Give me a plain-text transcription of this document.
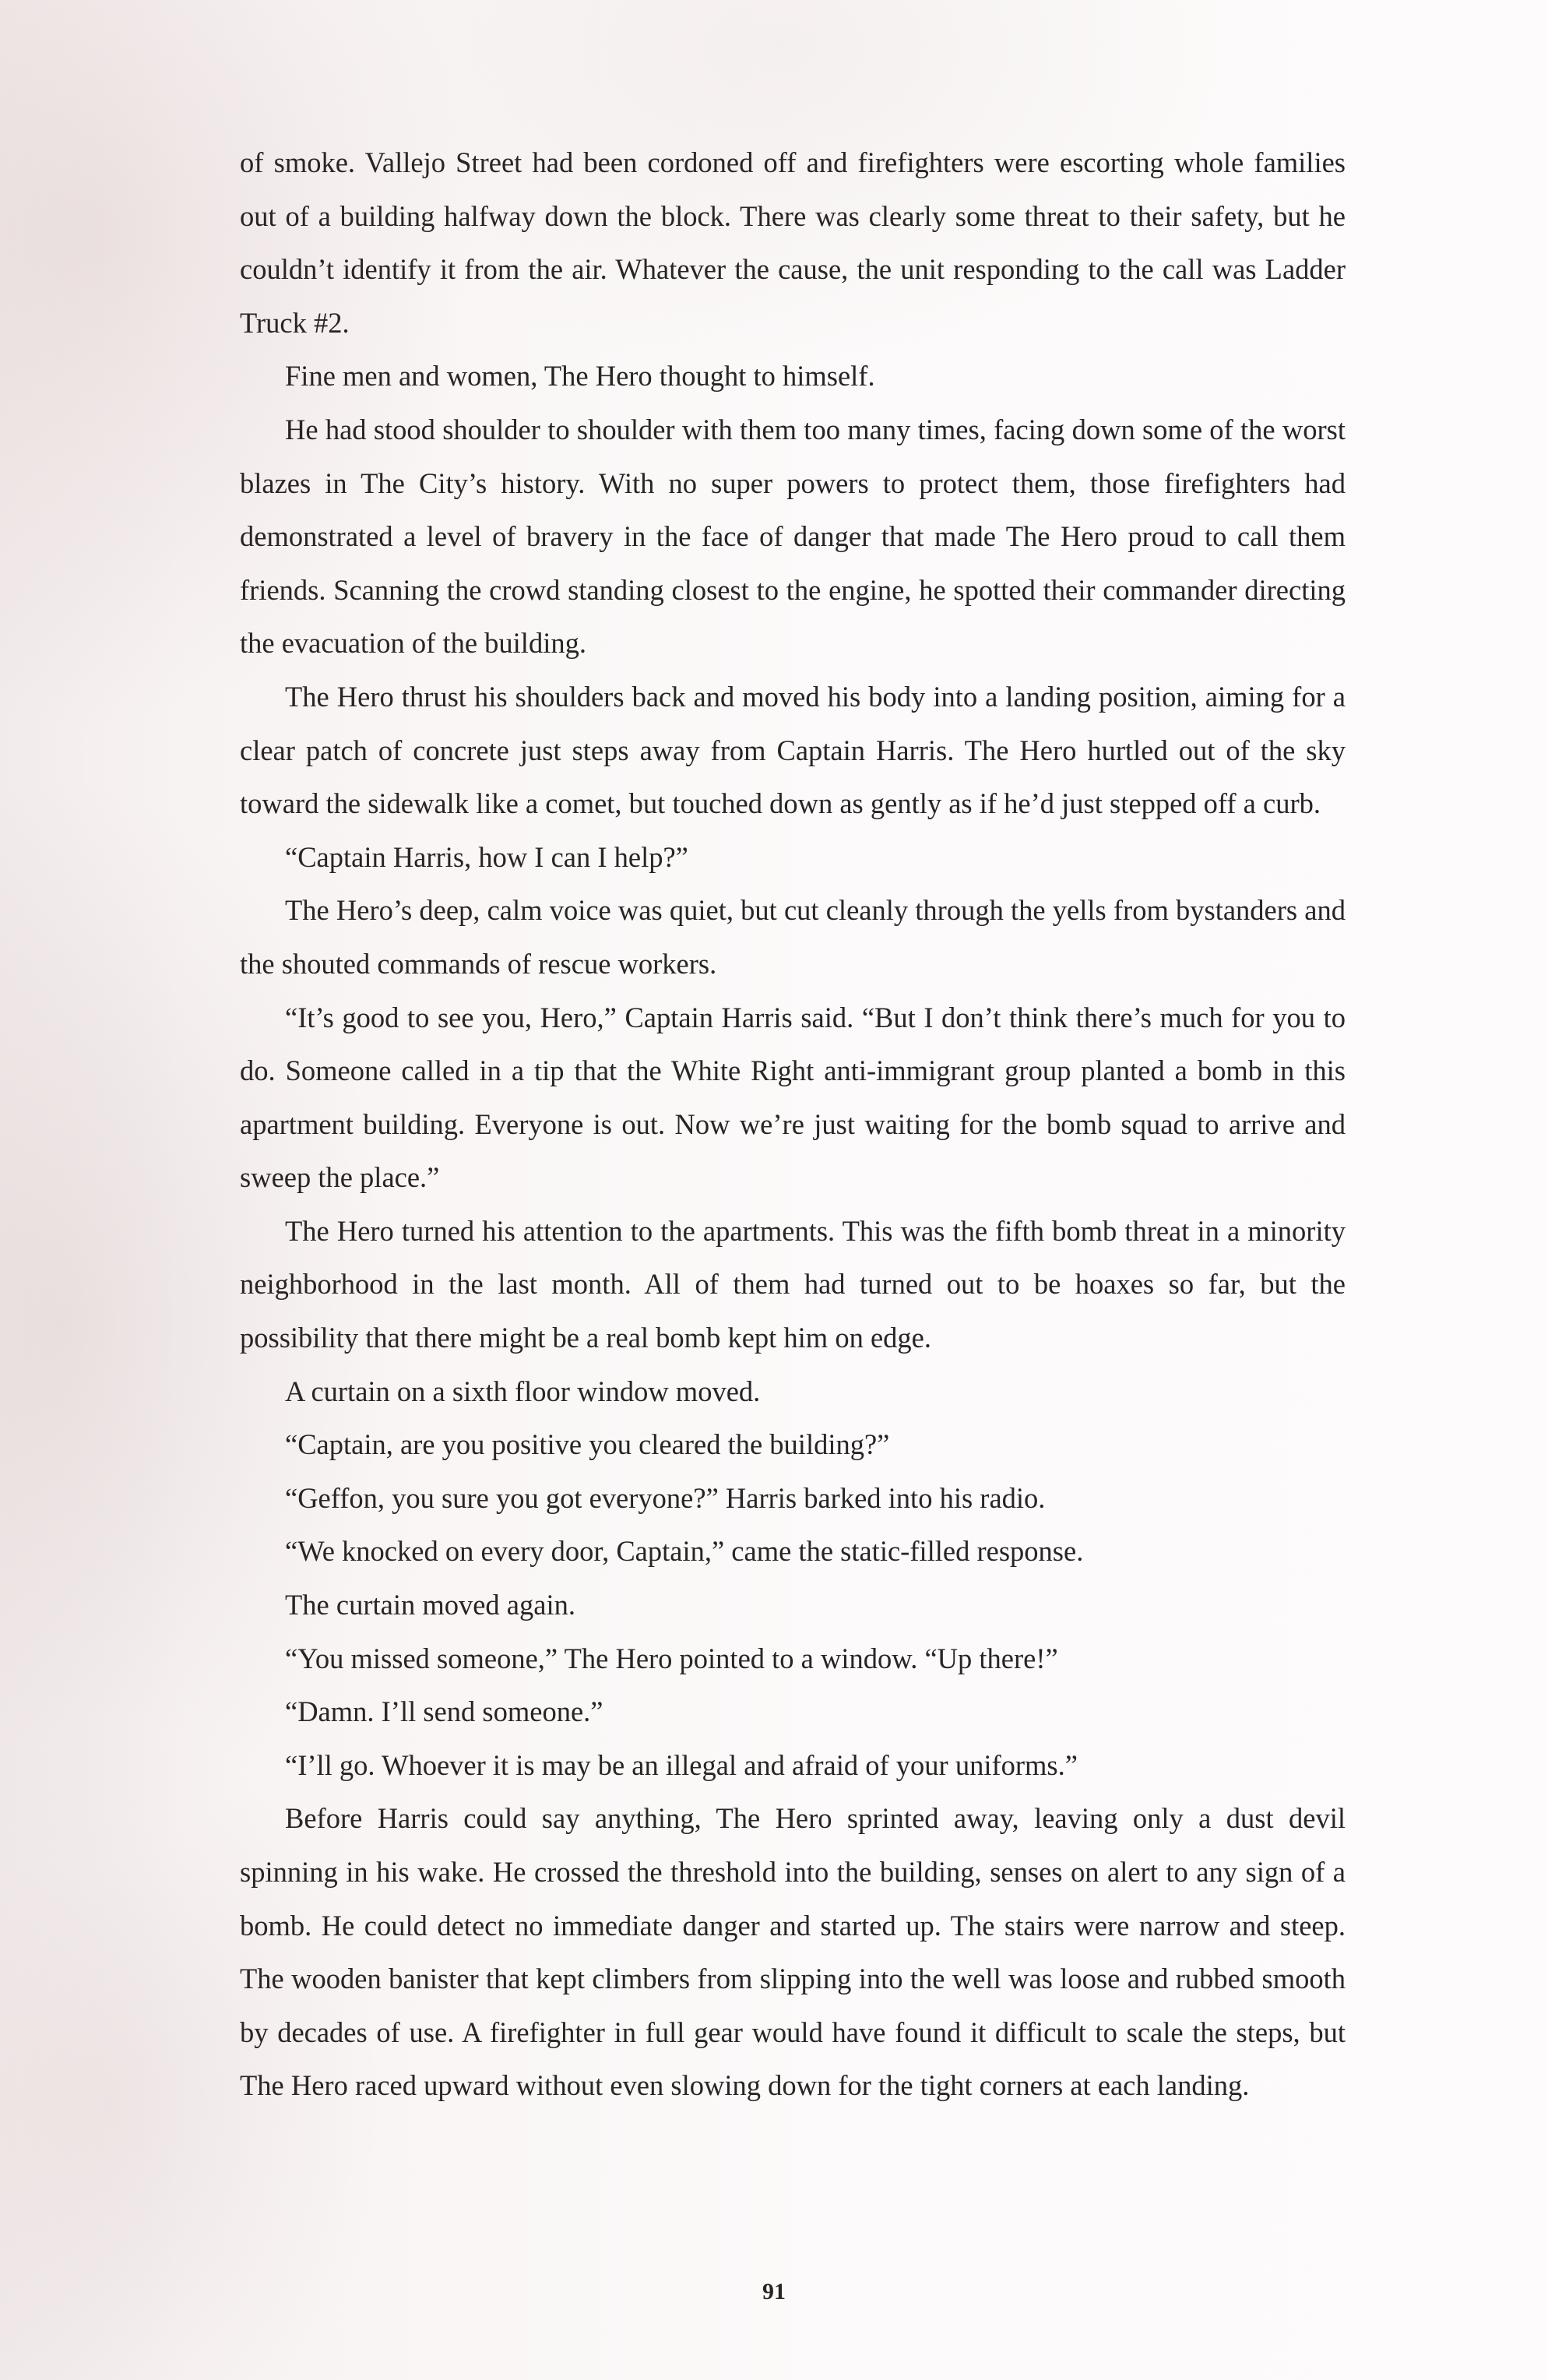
of smoke. Vallejo Street had been cordoned off and firefighters were escorting whole families out of a building halfway down the block. There was clearly some threat to their safety, but he couldn’t identify it from the air. Whatever the cause, the unit responding to the call was Ladder Truck #2.

Fine men and women, The Hero thought to himself.

He had stood shoulder to shoulder with them too many times, facing down some of the worst blazes in The City’s history. With no super powers to protect them, those firefighters had demonstrated a level of bravery in the face of danger that made The Hero proud to call them friends. Scanning the crowd standing closest to the engine, he spotted their commander directing the evacuation of the building.

The Hero thrust his shoulders back and moved his body into a landing position, aiming for a clear patch of concrete just steps away from Captain Harris. The Hero hurtled out of the sky toward the sidewalk like a comet, but touched down as gently as if he’d just stepped off a curb.

“Captain Harris, how I can I help?”

The Hero’s deep, calm voice was quiet, but cut cleanly through the yells from bystanders and the shouted commands of rescue workers.

“It’s good to see you, Hero,” Captain Harris said. “But I don’t think there’s much for you to do. Someone called in a tip that the White Right anti-immigrant group planted a bomb in this apartment building. Everyone is out. Now we’re just waiting for the bomb squad to arrive and sweep the place.”

The Hero turned his attention to the apartments. This was the fifth bomb threat in a minority neighborhood in the last month. All of them had turned out to be hoaxes so far, but the possibility that there might be a real bomb kept him on edge.

A curtain on a sixth floor window moved.

“Captain, are you positive you cleared the building?”

“Geffon, you sure you got everyone?” Harris barked into his radio.

“We knocked on every door, Captain,” came the static-filled response.

The curtain moved again.

“You missed someone,” The Hero pointed to a window. “Up there!”

“Damn. I’ll send someone.”

“I’ll go. Whoever it is may be an illegal and afraid of your uniforms.”

Before Harris could say anything, The Hero sprinted away, leaving only a dust devil spinning in his wake. He crossed the threshold into the building, senses on alert to any sign of a bomb. He could detect no immediate danger and started up. The stairs were narrow and steep. The wooden banister that kept climbers from slipping into the well was loose and rubbed smooth by decades of use. A firefighter in full gear would have found it difficult to scale the steps, but The Hero raced upward without even slowing down for the tight corners at each landing.

91
